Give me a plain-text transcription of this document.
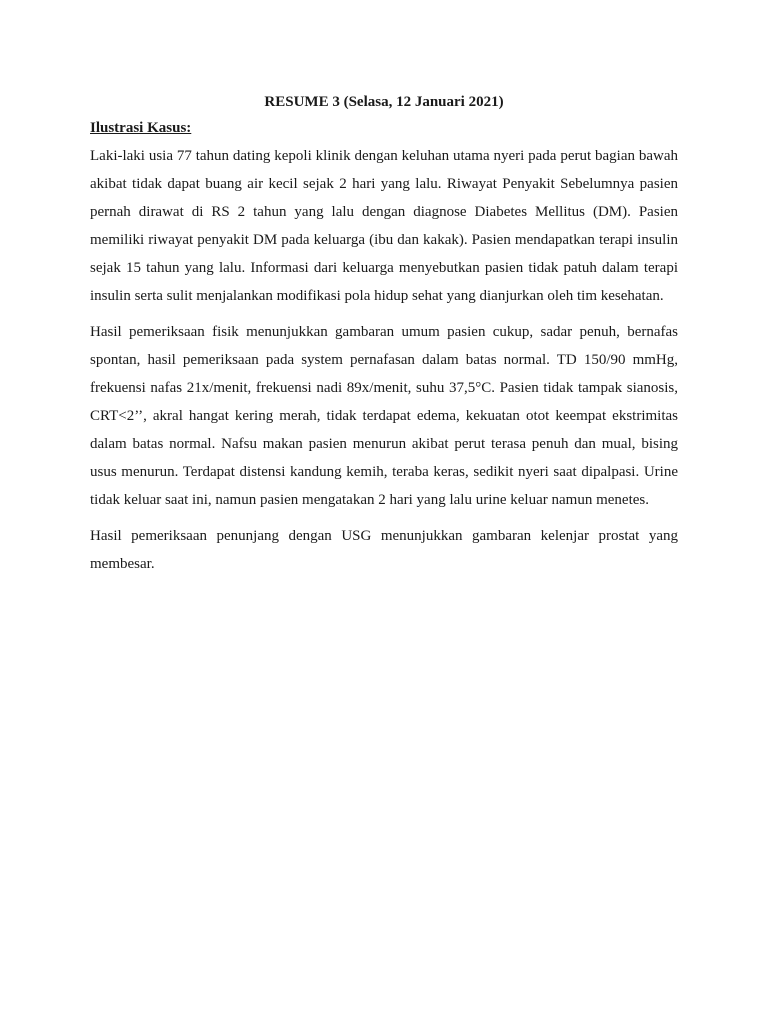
RESUME 3 (Selasa, 12 Januari 2021)
Ilustrasi Kasus:

Laki-laki usia 77 tahun dating kepoli klinik dengan keluhan utama nyeri pada perut bagian bawah akibat tidak dapat buang air kecil sejak 2 hari yang lalu. Riwayat Penyakit Sebelumnya pasien pernah dirawat di RS 2 tahun yang lalu dengan diagnose Diabetes Mellitus (DM). Pasien memiliki riwayat penyakit DM pada keluarga (ibu dan kakak). Pasien mendapatkan terapi insulin sejak 15 tahun yang lalu. Informasi dari keluarga menyebutkan pasien tidak patuh dalam terapi insulin serta sulit menjalankan modifikasi pola hidup sehat yang dianjurkan oleh tim kesehatan.

Hasil pemeriksaan fisik menunjukkan gambaran umum pasien cukup, sadar penuh, bernafas spontan, hasil pemeriksaan pada system pernafasan dalam batas normal. TD 150/90 mmHg, frekuensi nafas 21x/menit, frekuensi nadi 89x/menit, suhu 37,5°C. Pasien tidak tampak sianosis, CRT<2’’, akral hangat kering merah, tidak terdapat edema, kekuatan otot keempat ekstrimitas dalam batas normal. Nafsu makan pasien menurun akibat perut terasa penuh dan mual, bising usus menurun. Terdapat distensi kandung kemih, teraba keras, sedikit nyeri saat dipalpasi. Urine tidak keluar saat ini, namun pasien mengatakan 2 hari yang lalu urine keluar namun menetes.

Hasil pemeriksaan penunjang dengan USG menunjukkan gambaran kelenjar prostat yang membesar.
